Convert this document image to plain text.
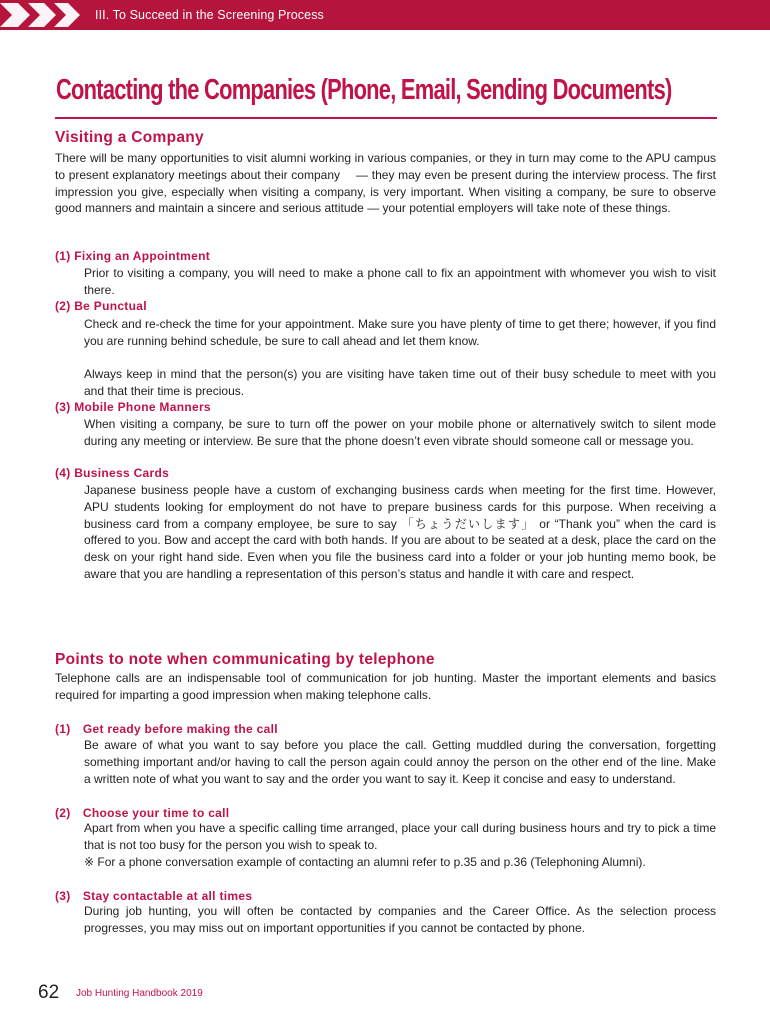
III. To Succeed in the Screening Process
Contacting the Companies (Phone, Email, Sending Documents)
Visiting a Company

There will be many opportunities to visit alumni working in various companies, or they in turn may come to the APU campus to present explanatory meetings about their company 　— they may even be present during the interview process. The first impression you give, especially when visiting a company, is very important. When visiting a company, be sure to observe good manners and maintain a sincere and serious attitude — your potential employers will take note of these things.

(1) Fixing an Appointment

Prior to visiting a company, you will need to make a phone call to fix an appointment with whomever you wish to visit there.

(2) Be Punctual

Check and re-check the time for your appointment. Make sure you have plenty of time to get there; however, if you find you are running behind schedule, be sure to call ahead and let them know.

Always keep in mind that the person(s) you are visiting have taken time out of their busy schedule to meet with you and that their time is precious.

(3) Mobile Phone Manners

When visiting a company, be sure to turn off the power on your mobile phone or alternatively switch to silent mode during any meeting or interview. Be sure that the phone doesn’t even vibrate should someone call or message you.

(4) Business Cards

Japanese business people have a custom of exchanging business cards when meeting for the first time. However, APU students looking for employment do not have to prepare business cards for this purpose. When receiving a business card from a company employee, be sure to say 「ちょうだいします」 or “Thank you” when the card is offered to you. Bow and accept the card with both hands. If you are about to be seated at a desk, place the card on the desk on your right hand side. Even when you file the business card into a folder or your job hunting memo book, be aware that you are handling a representation of this person’s status and handle it with care and respect.

Points to note when communicating by telephone

Telephone calls are an indispensable tool of communication for job hunting. Master the important elements and basics required for imparting a good impression when making telephone calls.

(1)　Get ready before making the call

Be aware of what you want to say before you place the call. Getting muddled during the conversation, forgetting something important and/or having to call the person again could annoy the person on the other end of the line. Make a written note of what you want to say and the order you want to say it. Keep it concise and easy to understand.

(2)　Choose your time to call

Apart from when you have a specific calling time arranged, place your call during business hours and try to pick a time that is not too busy for the person you wish to speak to.

※ For a phone conversation example of contacting an alumni refer to p.35 and p.36 (Telephoning Alumni).

(3)　Stay contactable at all times

During job hunting, you will often be contacted by companies and the Career Office. As the selection process progresses, you may miss out on important opportunities if you cannot be contacted by phone.

62 Job Hunting Handbook 2019
